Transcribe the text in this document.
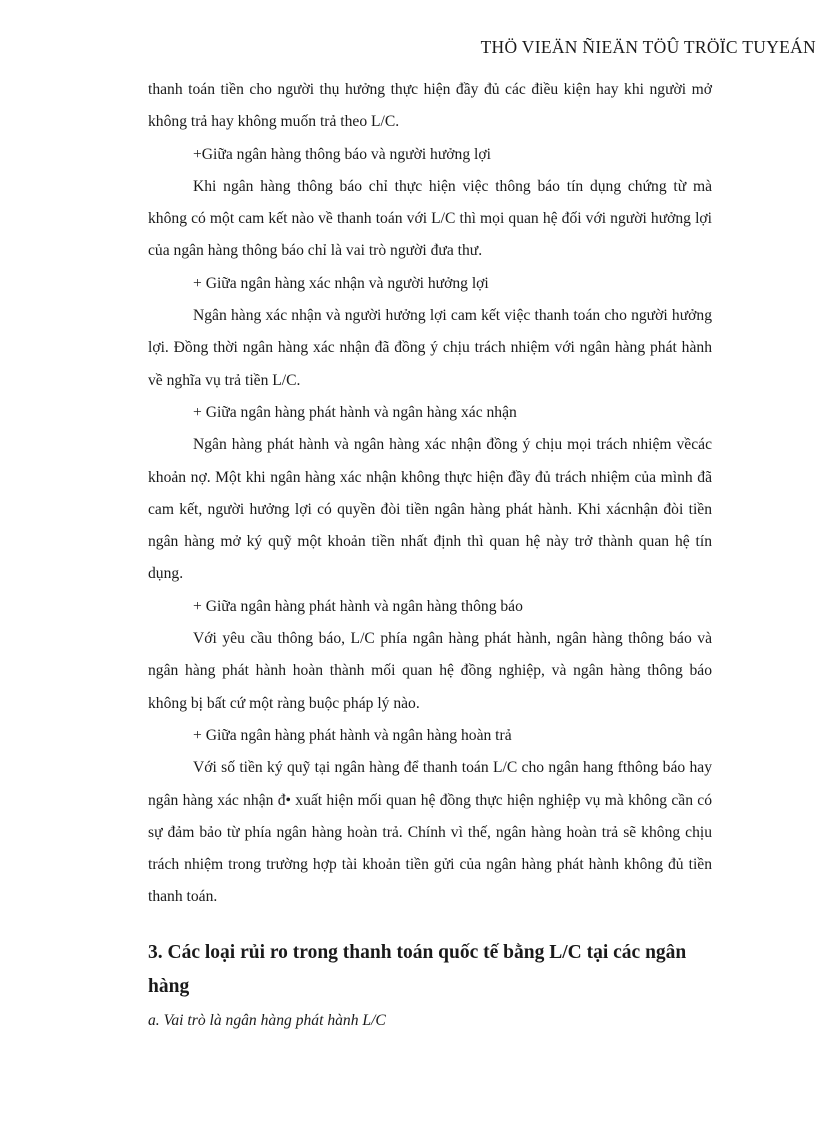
THÖ VIEÄN ÑIEÄN TÖÛ TRÖÏC TUYEÁN

thanh toán tiền cho người thụ hưởng thực hiện đầy đủ các điều kiện hay khi người mở không trả hay không muốn trả theo L/C.

+Giữa ngân hàng thông báo và người hưởng lợi

Khi ngân hàng thông báo chỉ thực hiện việc thông báo tín dụng chứng từ mà không có một cam kết nào về thanh toán với L/C thì mọi quan hệ đối với người hưởng lợi của ngân hàng thông báo chỉ là vai trò người đưa thư.

+ Giữa ngân hàng xác nhận và người hưởng lợi

Ngân hàng xác nhận và người hưởng lợi cam kết việc thanh toán cho người hưởng lợi. Đồng thời ngân hàng xác nhận đã đồng ý chịu trách nhiệm với ngân hàng phát hành về nghĩa vụ trả tiền L/C.

+ Giữa ngân hàng phát hành và ngân hàng xác nhận

Ngân hàng phát hành và ngân hàng xác nhận đồng ý chịu mọi trách nhiệm vềcác khoản nợ. Một khi ngân hàng xác nhận không thực hiện đầy đủ trách nhiệm của mình đã cam kết, người hưởng lợi có quyền đòi tiền ngân hàng phát hành. Khi xácnhận đòi tiền ngân hàng mở ký quỹ một khoản tiền nhất định thì quan hệ này trở thành quan hệ tín dụng.

+ Giữa ngân hàng phát hành và ngân hàng thông báo

Với yêu cầu thông báo, L/C phía ngân hàng phát hành, ngân hàng thông báo và ngân hàng phát hành hoàn thành mối quan hệ đồng nghiệp, và ngân hàng thông báo không bị bất cứ một ràng buộc pháp lý nào.

+ Giữa ngân hàng phát hành và ngân hàng hoàn trả

Với số tiền ký quỹ tại ngân hàng để thanh toán L/C cho ngân hang fthông báo hay ngân hàng xác nhận đ• xuất hiện mối quan hệ đồng thực hiện nghiệp vụ mà không cần có sự đảm bảo từ phía ngân hàng hoàn trả. Chính vì thế, ngân hàng hoàn trả sẽ không chịu trách nhiệm trong trường hợp tài khoản tiền gửi của ngân hàng phát hành không đủ tiền thanh toán.

3. Các loại rủi ro trong thanh toán quốc tế bằng L/C tại các ngân hàng

a. Vai trò là ngân hàng phát hành L/C
